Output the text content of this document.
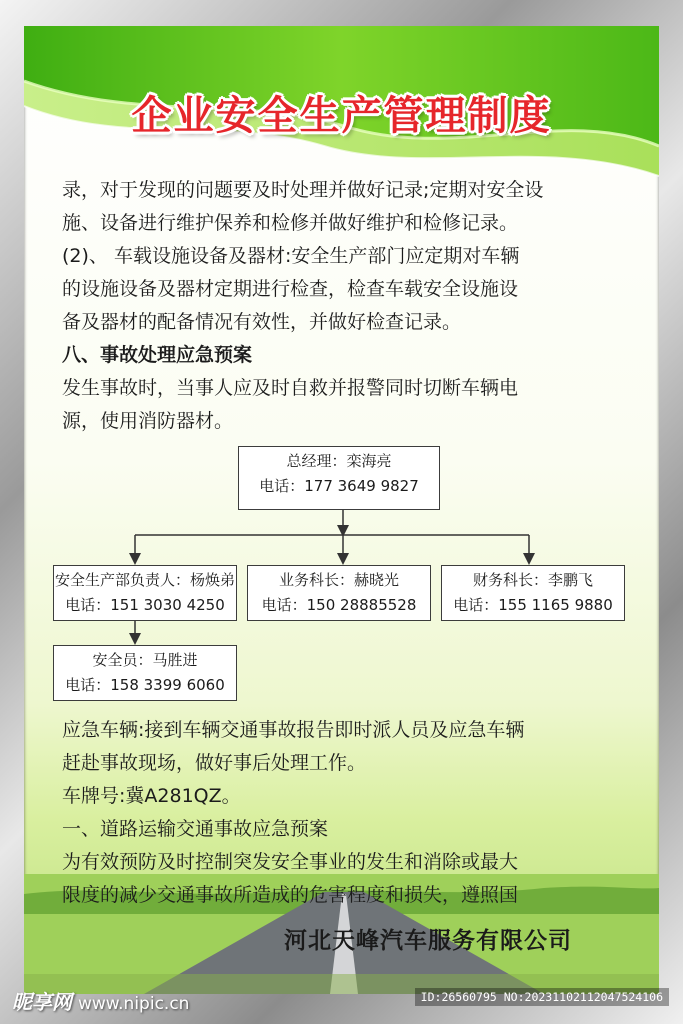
企业安全生产管理制度
录，对于发现的问题要及时处理并做好记录;定期对安全设
施、设备进行维护保养和检修并做好维护和检修记录。
(2)、 车载设施设备及器材:安全生产部门应定期对车辆
的设施设备及器材定期进行检查，检查车载安全设施设
备及器材的配备情况有效性，并做好检查记录。
八、事故处理应急预案
发生事故时，当事人应及时自救并报警同时切断车辆电
源，使用消防器材。
总经理：栾海亮
电话：177 3649 9827
安全生产部负责人：杨焕弟
电话：151 3030 4250
业务科长：赫晓光
电话：150 28885528
财务科长：李鹏飞
电话：155 1165 9880
安全员：马胜进
电话：158 3399 6060
应急车辆:接到车辆交通事故报告即时派人员及应急车辆
赶赴事故现场，做好事后处理工作。
车牌号:冀A281QZ。
一、道路运输交通事故应急预案
为有效预防及时控制突发安全事业的发生和消除或最大
限度的减少交通事故所造成的危害程度和损失，遵照国
河北天峰汽车服务有限公司
昵享网 www.nipic.cn	ID:26560795 NO:20231102112047524106
